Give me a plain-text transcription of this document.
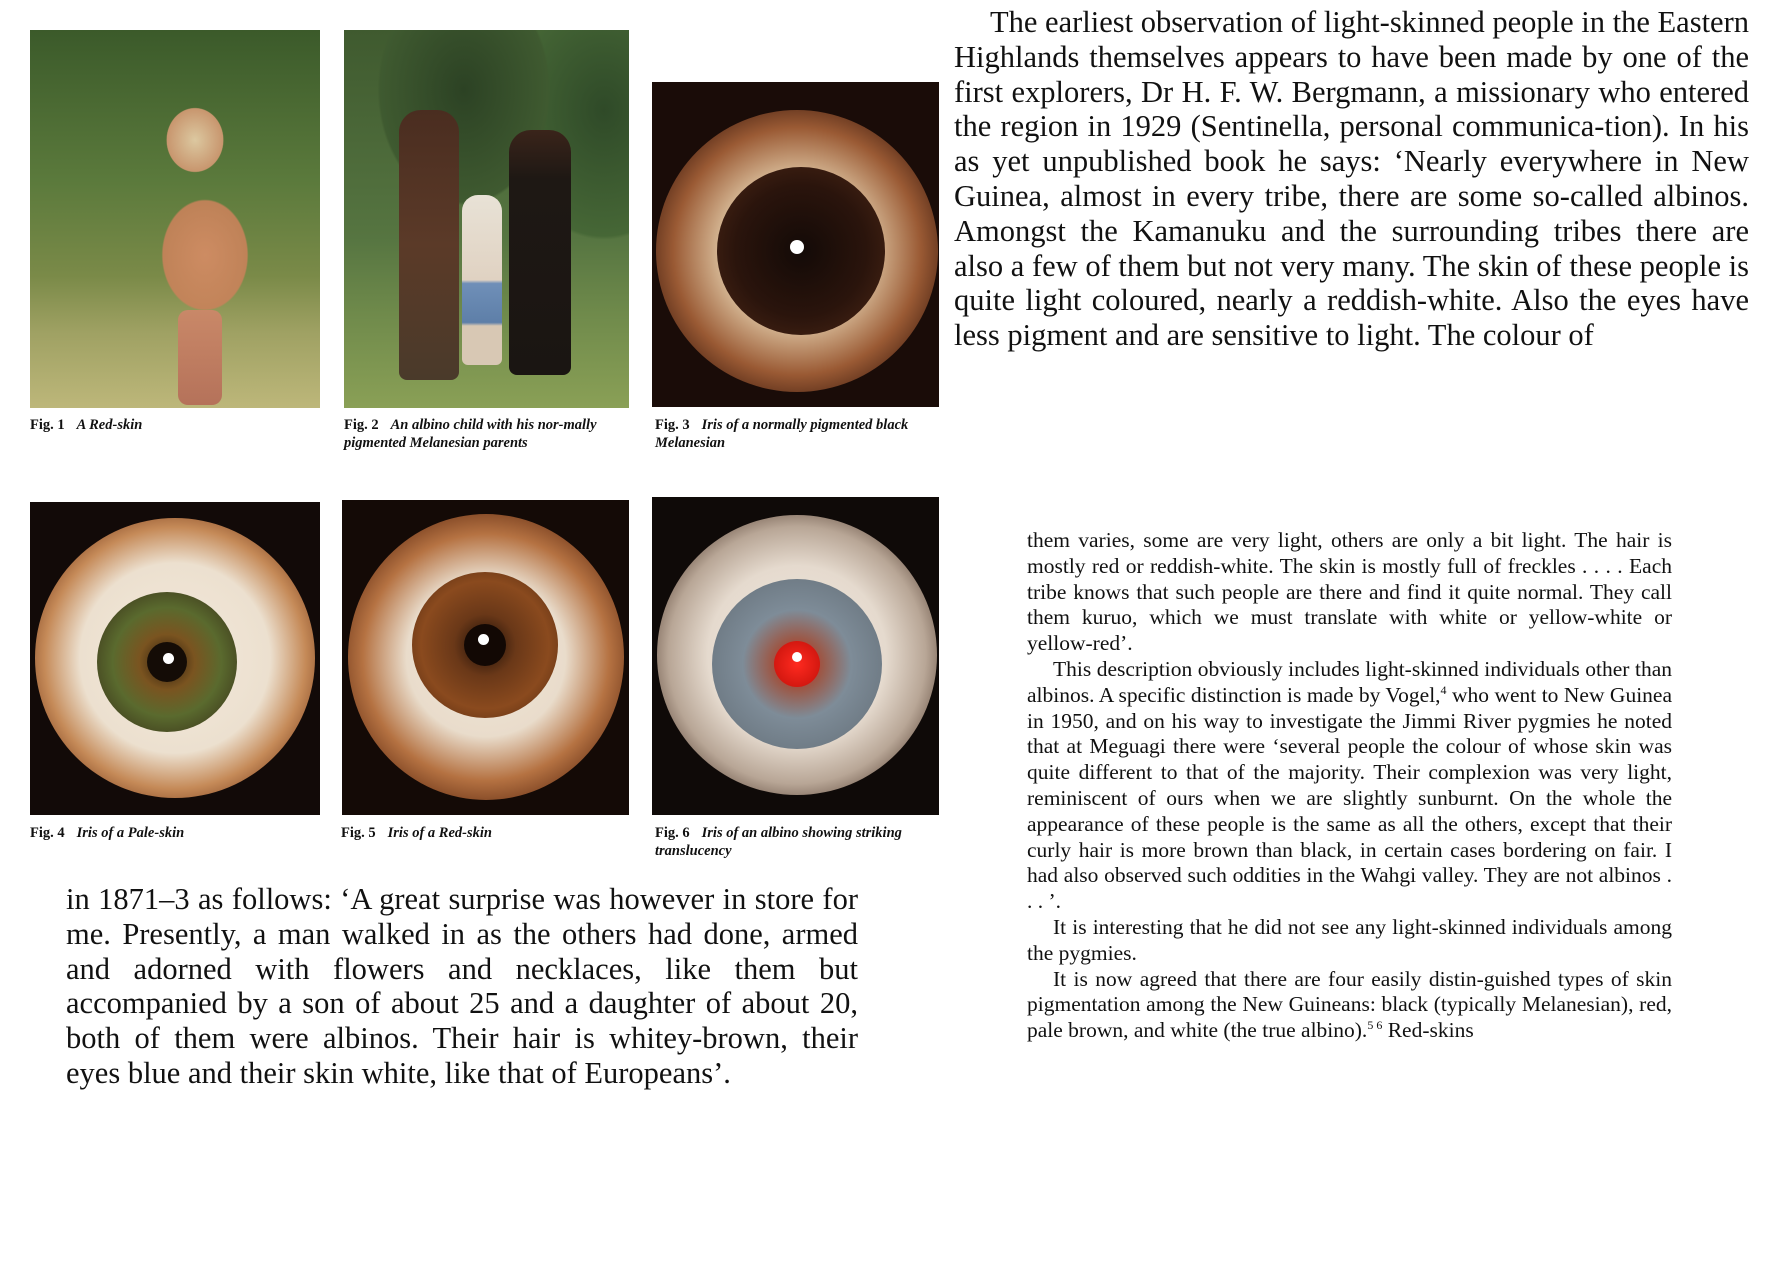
Fig. 1 A Red-skin	Fig. 2 An albino child with his nor-mally pigmented Melanesian parents
Fig. 3 Iris of a normally pigmented black Melanesian
Fig. 4 Iris of a Pale-skin	Fig. 5 Iris of a Red-skin	Fig. 6 Iris of an albino showing striking translucency

in 1871–3 as follows: ‘A great surprise was however in store for me. Presently, a man walked in as the others had done, armed and adorned with flowers and necklaces, like them but accompanied by a son of about 25 and a daughter of about 20, both of them were albinos. Their hair is whitey-brown, their eyes blue and their skin white, like that of Europeans’.

The earliest observation of light-skinned people in the Eastern Highlands themselves appears to have been made by one of the first explorers, Dr H. F. W. Bergmann, a missionary who entered the region in 1929 (Sentinella, personal communica-tion). In his as yet unpublished book he says: ‘Nearly everywhere in New Guinea, almost in every tribe, there are some so-called albinos. Amongst the Kamanuku and the surrounding tribes there are also a few of them but not very many. The skin of these people is quite light coloured, nearly a reddish-white. Also the eyes have less pigment and are sensitive to light. The colour of

them varies, some are very light, others are only a bit light. The hair is mostly red or reddish-white. The skin is mostly full of freckles . . . . Each tribe knows that such people are there and find it quite normal. They call them kuruo, which we must translate with white or yellow-white or yellow-red’.

This description obviously includes light-skinned individuals other than albinos. A specific distinction is made by Vogel,$^4$ who went to New Guinea in 1950, and on his way to investigate the Jimmi River pygmies he noted that at Meguagi there were ‘several people the colour of whose skin was quite different to that of the majority. Their complexion was very light, reminiscent of ours when we are slightly sunburnt. On the whole the appearance of these people is the same as all the others, except that their curly hair is more brown than black, in certain cases bordering on fair. I had also observed such oddities in the Wahgi valley. They are not albinos . . . ’.

It is interesting that he did not see any light-skinned individuals among the pygmies.

It is now agreed that there are four easily distin-guished types of skin pigmentation among the New Guineans: black (typically Melanesian), red, pale brown, and white (the true albino).$^{5 6}$ Red-skins
